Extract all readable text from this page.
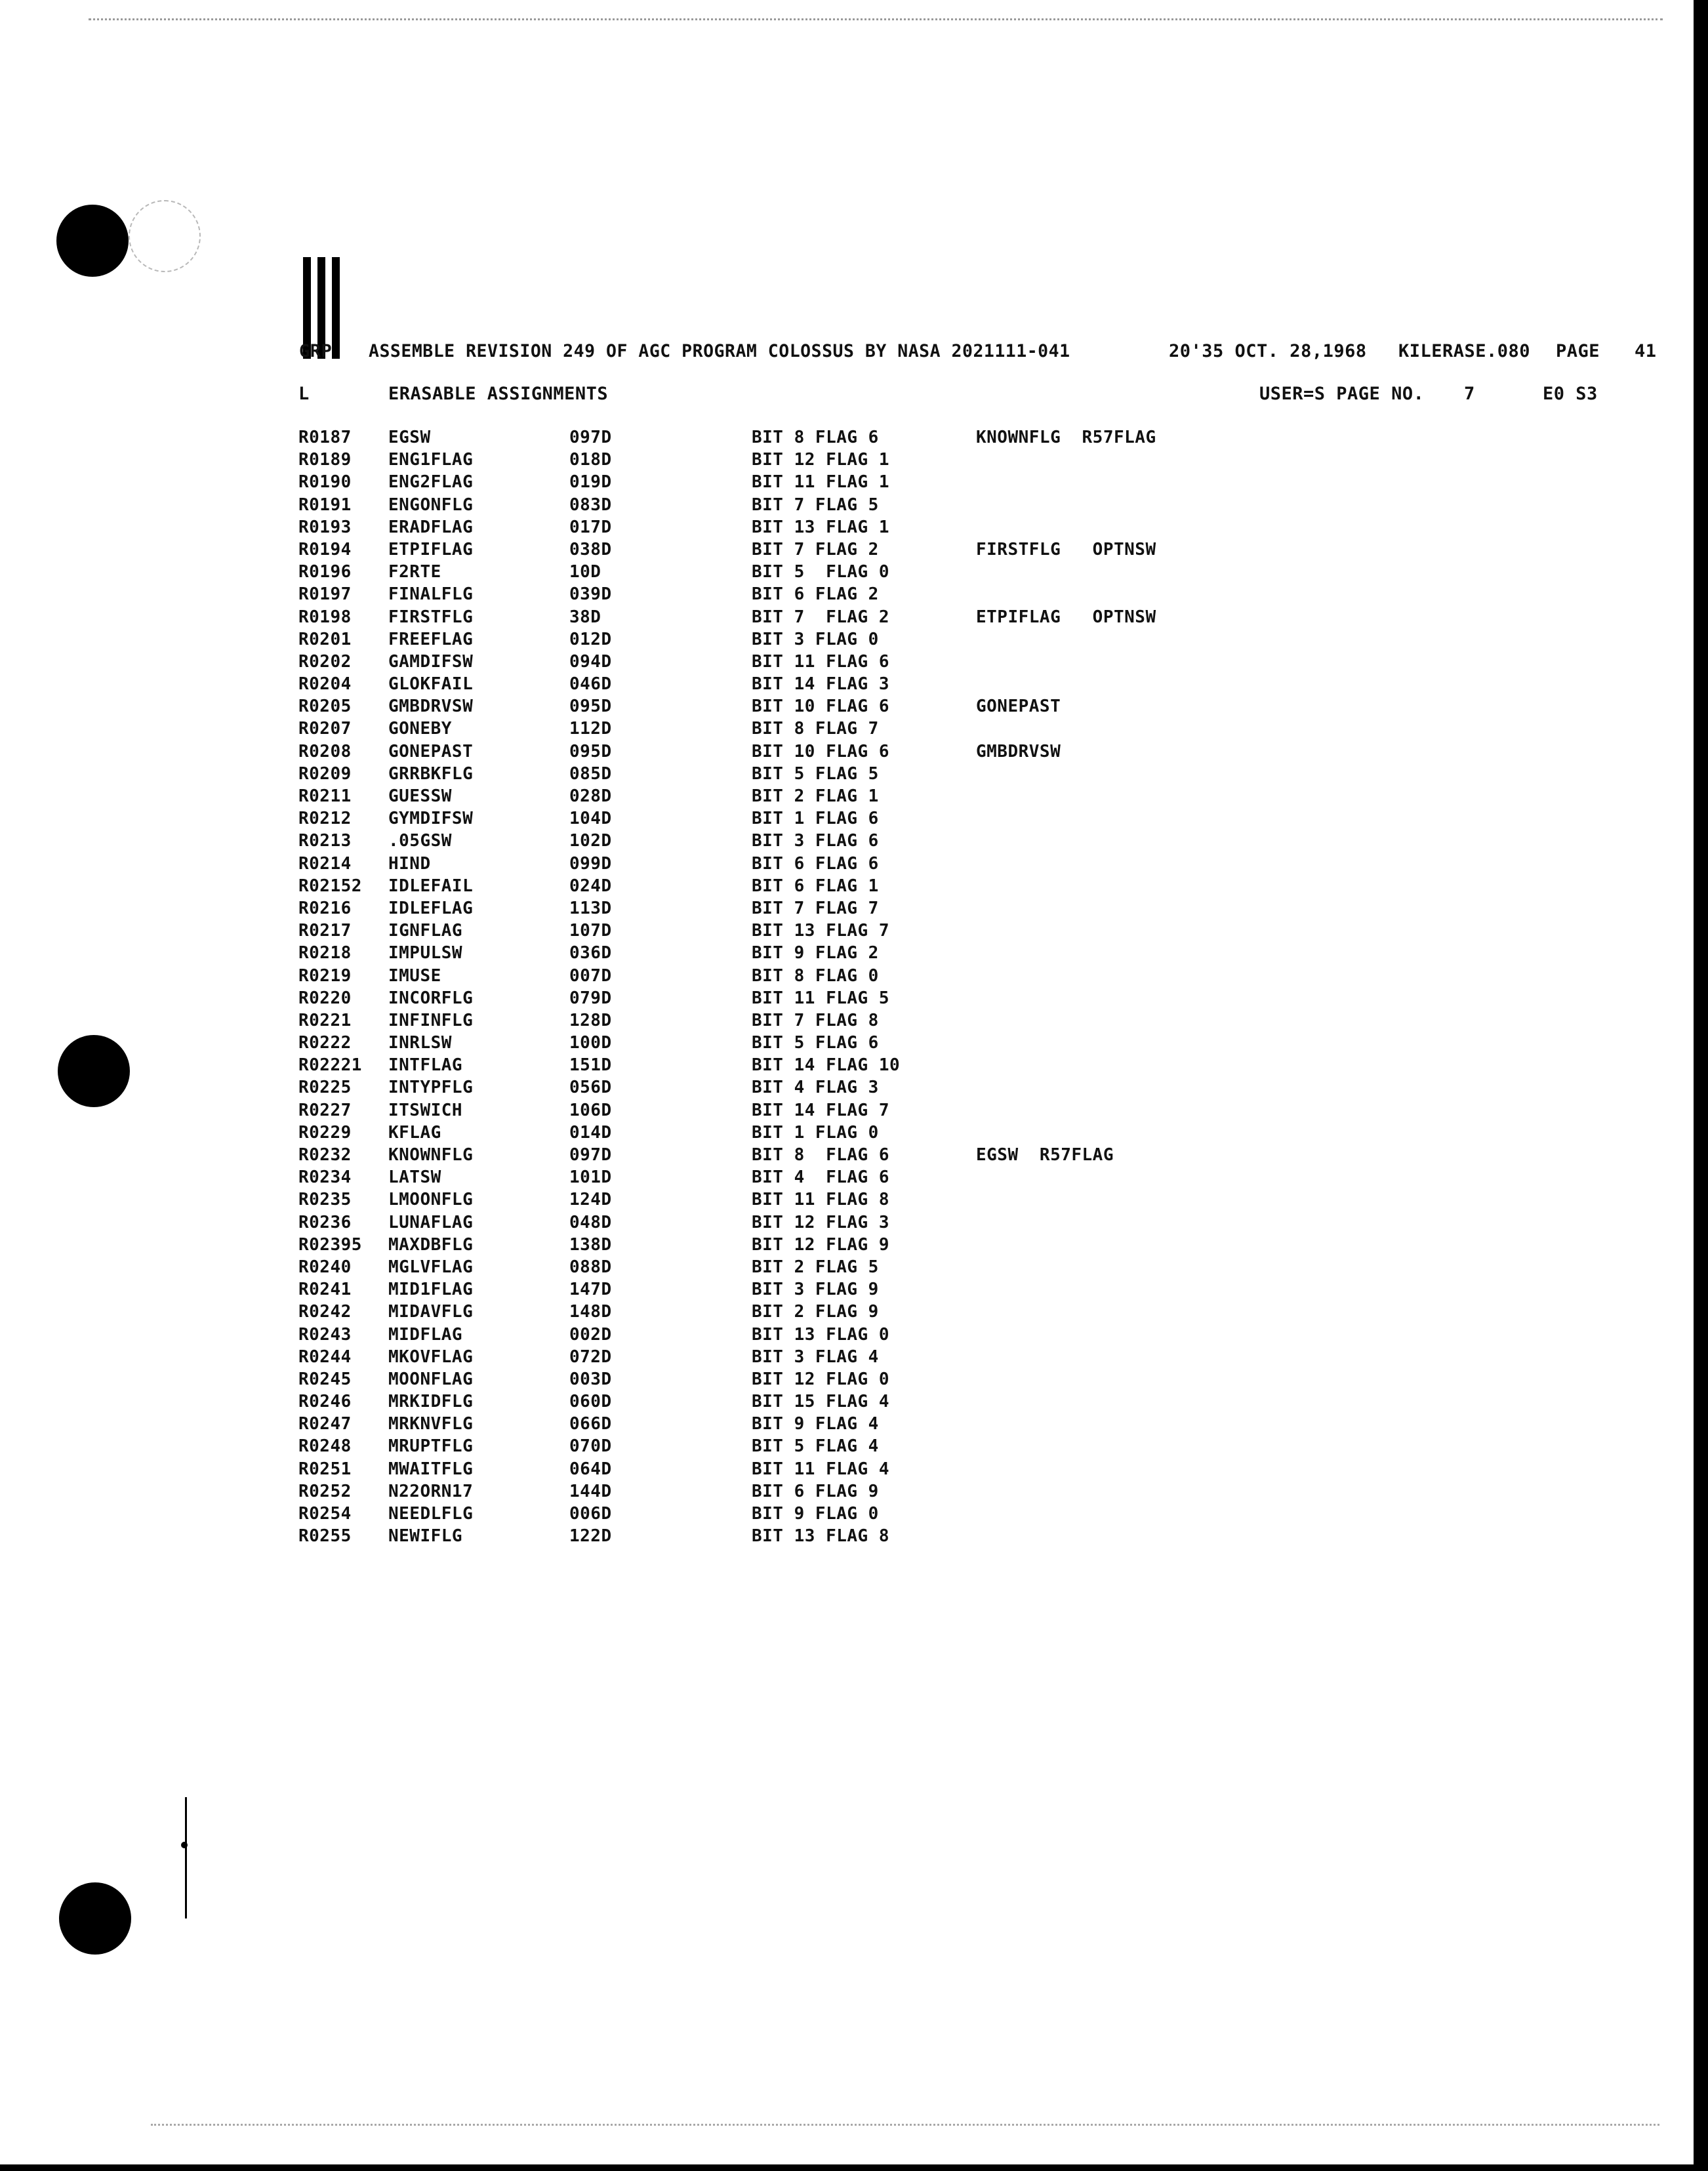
GRP ASSEMBLE REVISION 249 OF AGC PROGRAM COLOSSUS BY NASA 2021111-041	20'35 OCT. 28,1968 KILERASE.080 PAGE 41
L	ERASABLE ASSIGNMENTS	USER=S PAGE NO. 7	E0 S3
R0187 EGSW	097D	BIT 8 FLAG 6	KNOWNFLG  R57FLAG
R0189 ENG1FLAG	018D	BIT 12 FLAG 1
R0190 ENG2FLAG	019D	BIT 11 FLAG 1
R0191 ENGONFLG	083D	BIT 7 FLAG 5
R0193 ERADFLAG	017D	BIT 13 FLAG 1
R0194 ETPIFLAG	038D	BIT 7 FLAG 2	FIRSTFLG   OPTNSW
R0196 F2RTE	10D	BIT 5  FLAG 0
R0197 FINALFLG	039D	BIT 6 FLAG 2
R0198 FIRSTFLG	38D	BIT 7  FLAG 2	ETPIFLAG   OPTNSW
R0201 FREEFLAG	012D	BIT 3 FLAG 0
R0202 GAMDIFSW	094D	BIT 11 FLAG 6
R0204 GLOKFAIL	046D	BIT 14 FLAG 3
R0205 GMBDRVSW	095D	BIT 10 FLAG 6	GONEPAST
R0207 GONEBY	112D	BIT 8 FLAG 7
R0208 GONEPAST	095D	BIT 10 FLAG 6	GMBDRVSW
R0209 GRRBKFLG	085D	BIT 5 FLAG 5
R0211 GUESSW	028D	BIT 2 FLAG 1
R0212 GYMDIFSW	104D	BIT 1 FLAG 6
R0213 .05GSW	102D	BIT 3 FLAG 6
R0214 HIND	099D	BIT 6 FLAG 6
R02152 IDLEFAIL	024D	BIT 6 FLAG 1
R0216 IDLEFLAG	113D	BIT 7 FLAG 7
R0217 IGNFLAG	107D	BIT 13 FLAG 7
R0218 IMPULSW	036D	BIT 9 FLAG 2
R0219 IMUSE	007D	BIT 8 FLAG 0
R0220 INCORFLG	079D	BIT 11 FLAG 5
R0221 INFINFLG	128D	BIT 7 FLAG 8
R0222 INRLSW	100D	BIT 5 FLAG 6
R02221 INTFLAG	151D	BIT 14 FLAG 10
R0225 INTYPFLG	056D	BIT 4 FLAG 3
R0227 ITSWICH	106D	BIT 14 FLAG 7
R0229 KFLAG	014D	BIT 1 FLAG 0
R0232 KNOWNFLG	097D	BIT 8  FLAG 6	EGSW  R57FLAG
R0234 LATSW	101D	BIT 4  FLAG 6
R0235 LMOONFLG	124D	BIT 11 FLAG 8
R0236 LUNAFLAG	048D	BIT 12 FLAG 3
R02395 MAXDBFLG	138D	BIT 12 FLAG 9
R0240 MGLVFLAG	088D	BIT 2 FLAG 5
R0241 MID1FLAG	147D	BIT 3 FLAG 9
R0242 MIDAVFLG	148D	BIT 2 FLAG 9
R0243 MIDFLAG	002D	BIT 13 FLAG 0
R0244 MKOVFLAG	072D	BIT 3 FLAG 4
R0245 MOONFLAG	003D	BIT 12 FLAG 0
R0246 MRKIDFLG	060D	BIT 15 FLAG 4
R0247 MRKNVFLG	066D	BIT 9 FLAG 4
R0248 MRUPTFLG	070D	BIT 5 FLAG 4
R0251 MWAITFLG	064D	BIT 11 FLAG 4
R0252 N22ORN17	144D	BIT 6 FLAG 9
R0254 NEEDLFLG	006D	BIT 9 FLAG 0
R0255 NEWIFLG	122D	BIT 13 FLAG 8
